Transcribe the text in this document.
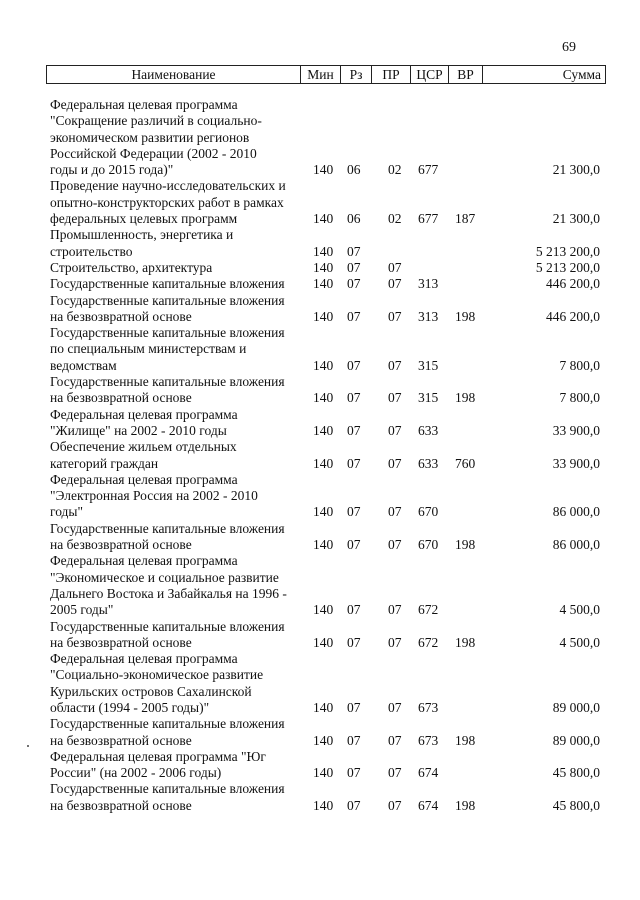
69
Наименование	Мин	Рз	ПР	ЦСР	ВР	Сумма
Федеральная целевая программа
"Сокращение различий в социально-
экономическом развитии регионов
Российской Федерации (2002 - 2010
годы и до 2015 года)"	140 06 02 677	21 300,0
Проведение научно-исследовательских и
опытно-конструкторских работ в рамках
федеральных целевых программ	140 06 02 677 187	21 300,0
Промышленность, энергетика и
строительство	140 07	5 213 200,0
Строительство, архитектура	140 07 07	5 213 200,0
Государственные капитальные вложения	140 07 07 313	446 200,0
Государственные капитальные вложения
на безвозвратной основе	140 07 07 313 198	446 200,0
Государственные капитальные вложения
по специальным министерствам и
ведомствам	140 07 07 315	7 800,0
Государственные капитальные вложения
на безвозвратной основе	140 07 07 315 198	7 800,0
Федеральная целевая программа
"Жилище" на 2002 - 2010 годы	140 07 07 633	33 900,0
Обеспечение жильем отдельных
категорий граждан	140 07 07 633 760	33 900,0
Федеральная целевая программа
"Электронная Россия на 2002 - 2010
годы"	140 07 07 670	86 000,0
Государственные капитальные вложения
на безвозвратной основе	140 07 07 670 198	86 000,0
Федеральная целевая программа
"Экономическое и социальное развитие
Дальнего Востока и Забайкалья на 1996 -
2005 годы"	140 07 07 672	4 500,0
Государственные капитальные вложения
на безвозвратной основе	140 07 07 672 198	4 500,0
Федеральная целевая программа
"Социально-экономическое развитие
Курильских островов Сахалинской
области (1994 - 2005 годы)"	140 07 07 673	89 000,0
Государственные капитальные вложения
на безвозвратной основе	140 07 07 673 198	89 000,0
Федеральная целевая программа "Юг
России" (на 2002 - 2006 годы)	140 07 07 674	45 800,0
Государственные капитальные вложения
на безвозвратной основе	140 07 07 674 198	45 800,0
